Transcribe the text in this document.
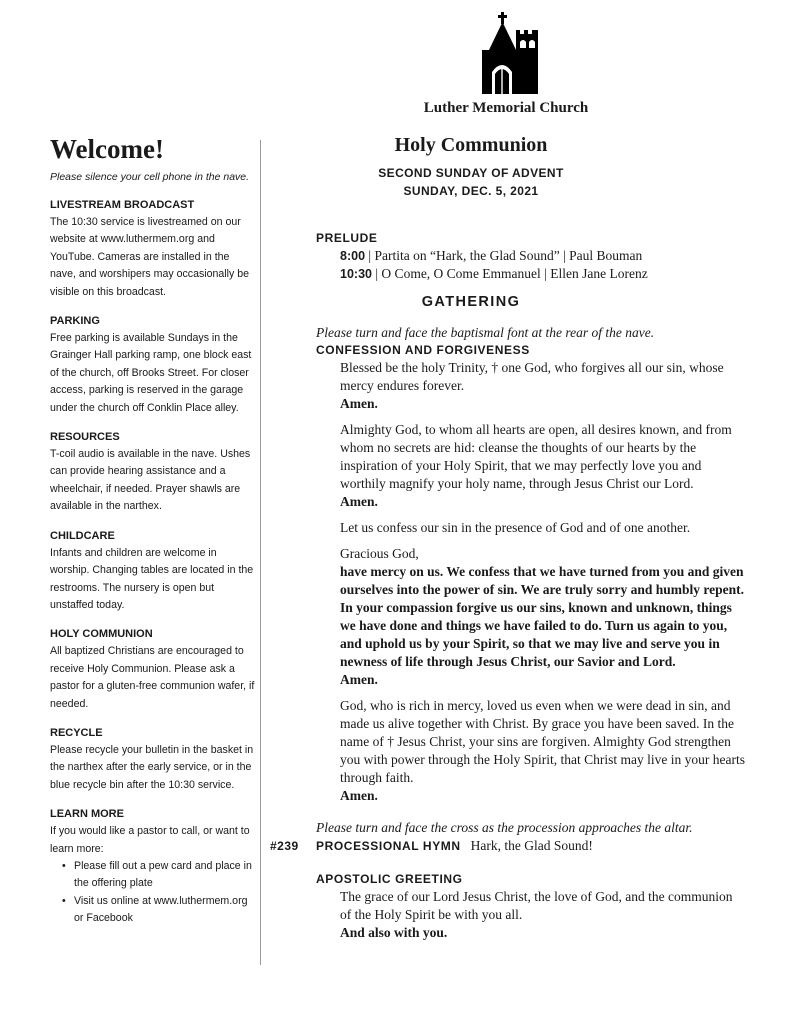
Luther Memorial Church
Welcome!
Please silence your cell phone in the nave.
LIVESTREAM BROADCAST
The 10:30 service is livestreamed on our website at www.luthermem.org and YouTube. Cameras are installed in the nave, and worshipers may occasionally be visible on this broadcast.
PARKING
Free parking is available Sundays in the Grainger Hall parking ramp, one block east of the church, off Brooks Street. For closer access, parking is reserved in the garage under the church off Conklin Place alley.
RESOURCES
T-coil audio is available in the nave. Ushes can provide hearing assistance and a wheelchair, if needed. Prayer shawls are available in the narthex.
CHILDCARE
Infants and children are welcome in worship. Changing tables are located in the restrooms. The nursery is open but unstaffed today.
HOLY COMMUNION
All baptized Christians are encouraged to receive Holy Communion. Please ask a pastor for a gluten-free communion wafer, if needed.
RECYCLE
Please recycle your bulletin in the basket in the narthex after the early service, or in the blue recycle bin after the 10:30 service.
LEARN MORE
If you would like a pastor to call, or want to learn more:
• Please fill out a pew card and place in the offering plate
• Visit us online at www.luthermem.org or Facebook
Holy Communion
SECOND SUNDAY OF ADVENT
SUNDAY, DEC. 5, 2021
PRELUDE
8:00 | Partita on “Hark, the Glad Sound” | Paul Bouman
10:30 | O Come, O Come Emmanuel | Ellen Jane Lorenz
GATHERING
Please turn and face the baptismal font at the rear of the nave.
CONFESSION AND FORGIVENESS
Blessed be the holy Trinity, † one God, who forgives all our sin, whose mercy endures forever.
Amen.
Almighty God, to whom all hearts are open, all desires known, and from whom no secrets are hid: cleanse the thoughts of our hearts by the inspiration of your Holy Spirit, that we may perfectly love you and worthily magnify your holy name, through Jesus Christ our Lord.
Amen.
Let us confess our sin in the presence of God and of one another.
Gracious God,
have mercy on us. We confess that we have turned from you and given ourselves into the power of sin. We are truly sorry and humbly repent. In your compassion forgive us our sins, known and unknown, things we have done and things we have failed to do. Turn us again to you, and uphold us by your Spirit, so that we may live and serve you in newness of life through Jesus Christ, our Savior and Lord.
Amen.
God, who is rich in mercy, loved us even when we were dead in sin, and made us alive together with Christ. By grace you have been saved. In the name of † Jesus Christ, your sins are forgiven. Almighty God strengthen you with power through the Holy Spirit, that Christ may live in your hearts through faith.
Amen.
Please turn and face the cross as the procession approaches the altar.
#239 PROCESSIONAL HYMN Hark, the Glad Sound!
APOSTOLIC GREETING
The grace of our Lord Jesus Christ, the love of God, and the communion of the Holy Spirit be with you all.
And also with you.
